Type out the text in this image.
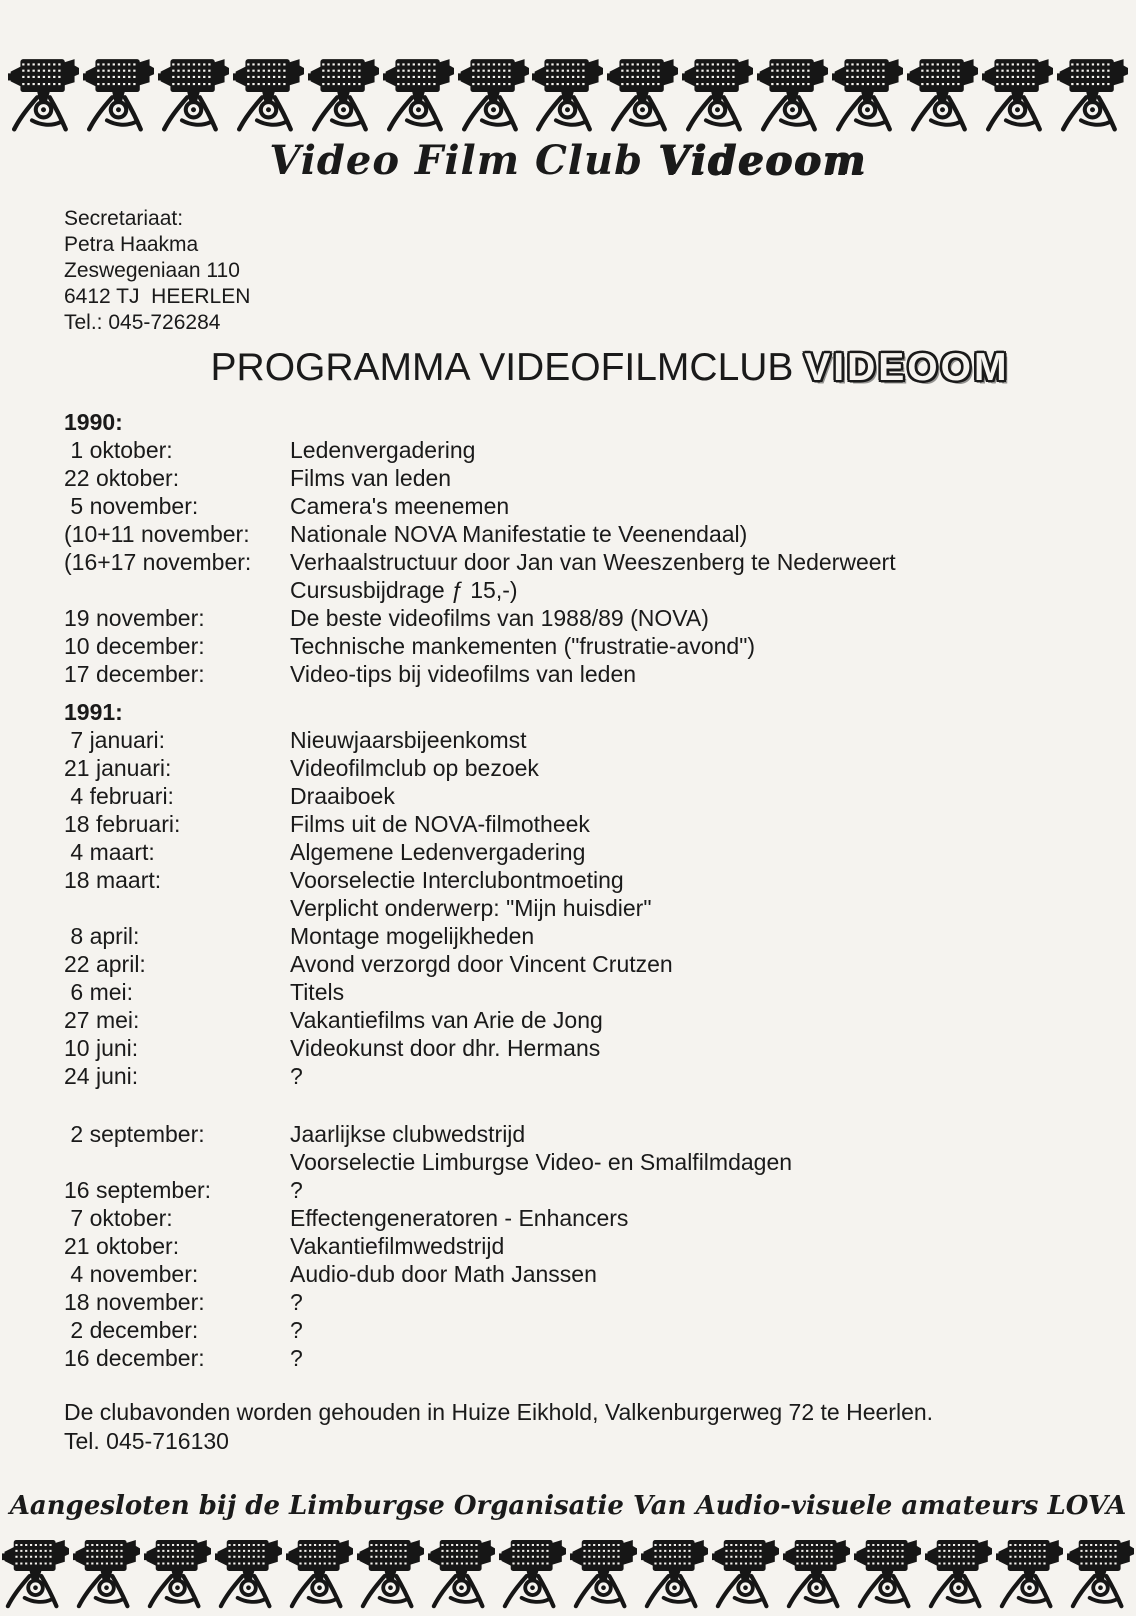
Video Film Club Videoom
Secretariaat:
Petra Haakma
Zeswegeniaan 110
6412 TJ  HEERLEN
Tel.: 045-726284
PROGRAMMA VIDEOFILMCLUB VIDEOOM
1990:
1 oktober:	Ledenvergadering
22 oktober:	Films van leden
5 november:	Camera's meenemen
(10+11 november:	Nationale NOVA Manifestatie te Veenendaal)
(16+17 november:	Verhaalstructuur door Jan van Weeszenberg te Nederweert
Cursusbijdrage ƒ 15,-)
19 november:	De beste videofilms van 1988/89 (NOVA)
10 december:	Technische mankementen ("frustratie-avond")
17 december:	Video-tips bij videofilms van leden
1991:
7 januari:	Nieuwjaarsbijeenkomst
21 januari:	Videofilmclub op bezoek
4 februari:	Draaiboek
18 februari:	Films uit de NOVA-filmotheek
4 maart:	Algemene Ledenvergadering
18 maart:	Voorselectie Interclubontmoeting
Verplicht onderwerp: "Mijn huisdier"
8 april:	Montage mogelijkheden
22 april:	Avond verzorgd door Vincent Crutzen
6 mei:	Titels
27 mei:	Vakantiefilms van Arie de Jong
10 juni:	Videokunst door dhr. Hermans
24 juni:	?
2 september:	Jaarlijkse clubwedstrijd
Voorselectie Limburgse Video- en Smalfilmdagen
16 september:	?
7 oktober:	Effectengeneratoren - Enhancers
21 oktober:	Vakantiefilmwedstrijd
4 november:	Audio-dub door Math Janssen
18 november:	?
2 december:	?
16 december:	?
De clubavonden worden gehouden in Huize Eikhold, Valkenburgerweg 72 te Heerlen.
Tel. 045-716130
Aangesloten bij de Limburgse Organisatie Van Audio-visuele amateurs LOVA
